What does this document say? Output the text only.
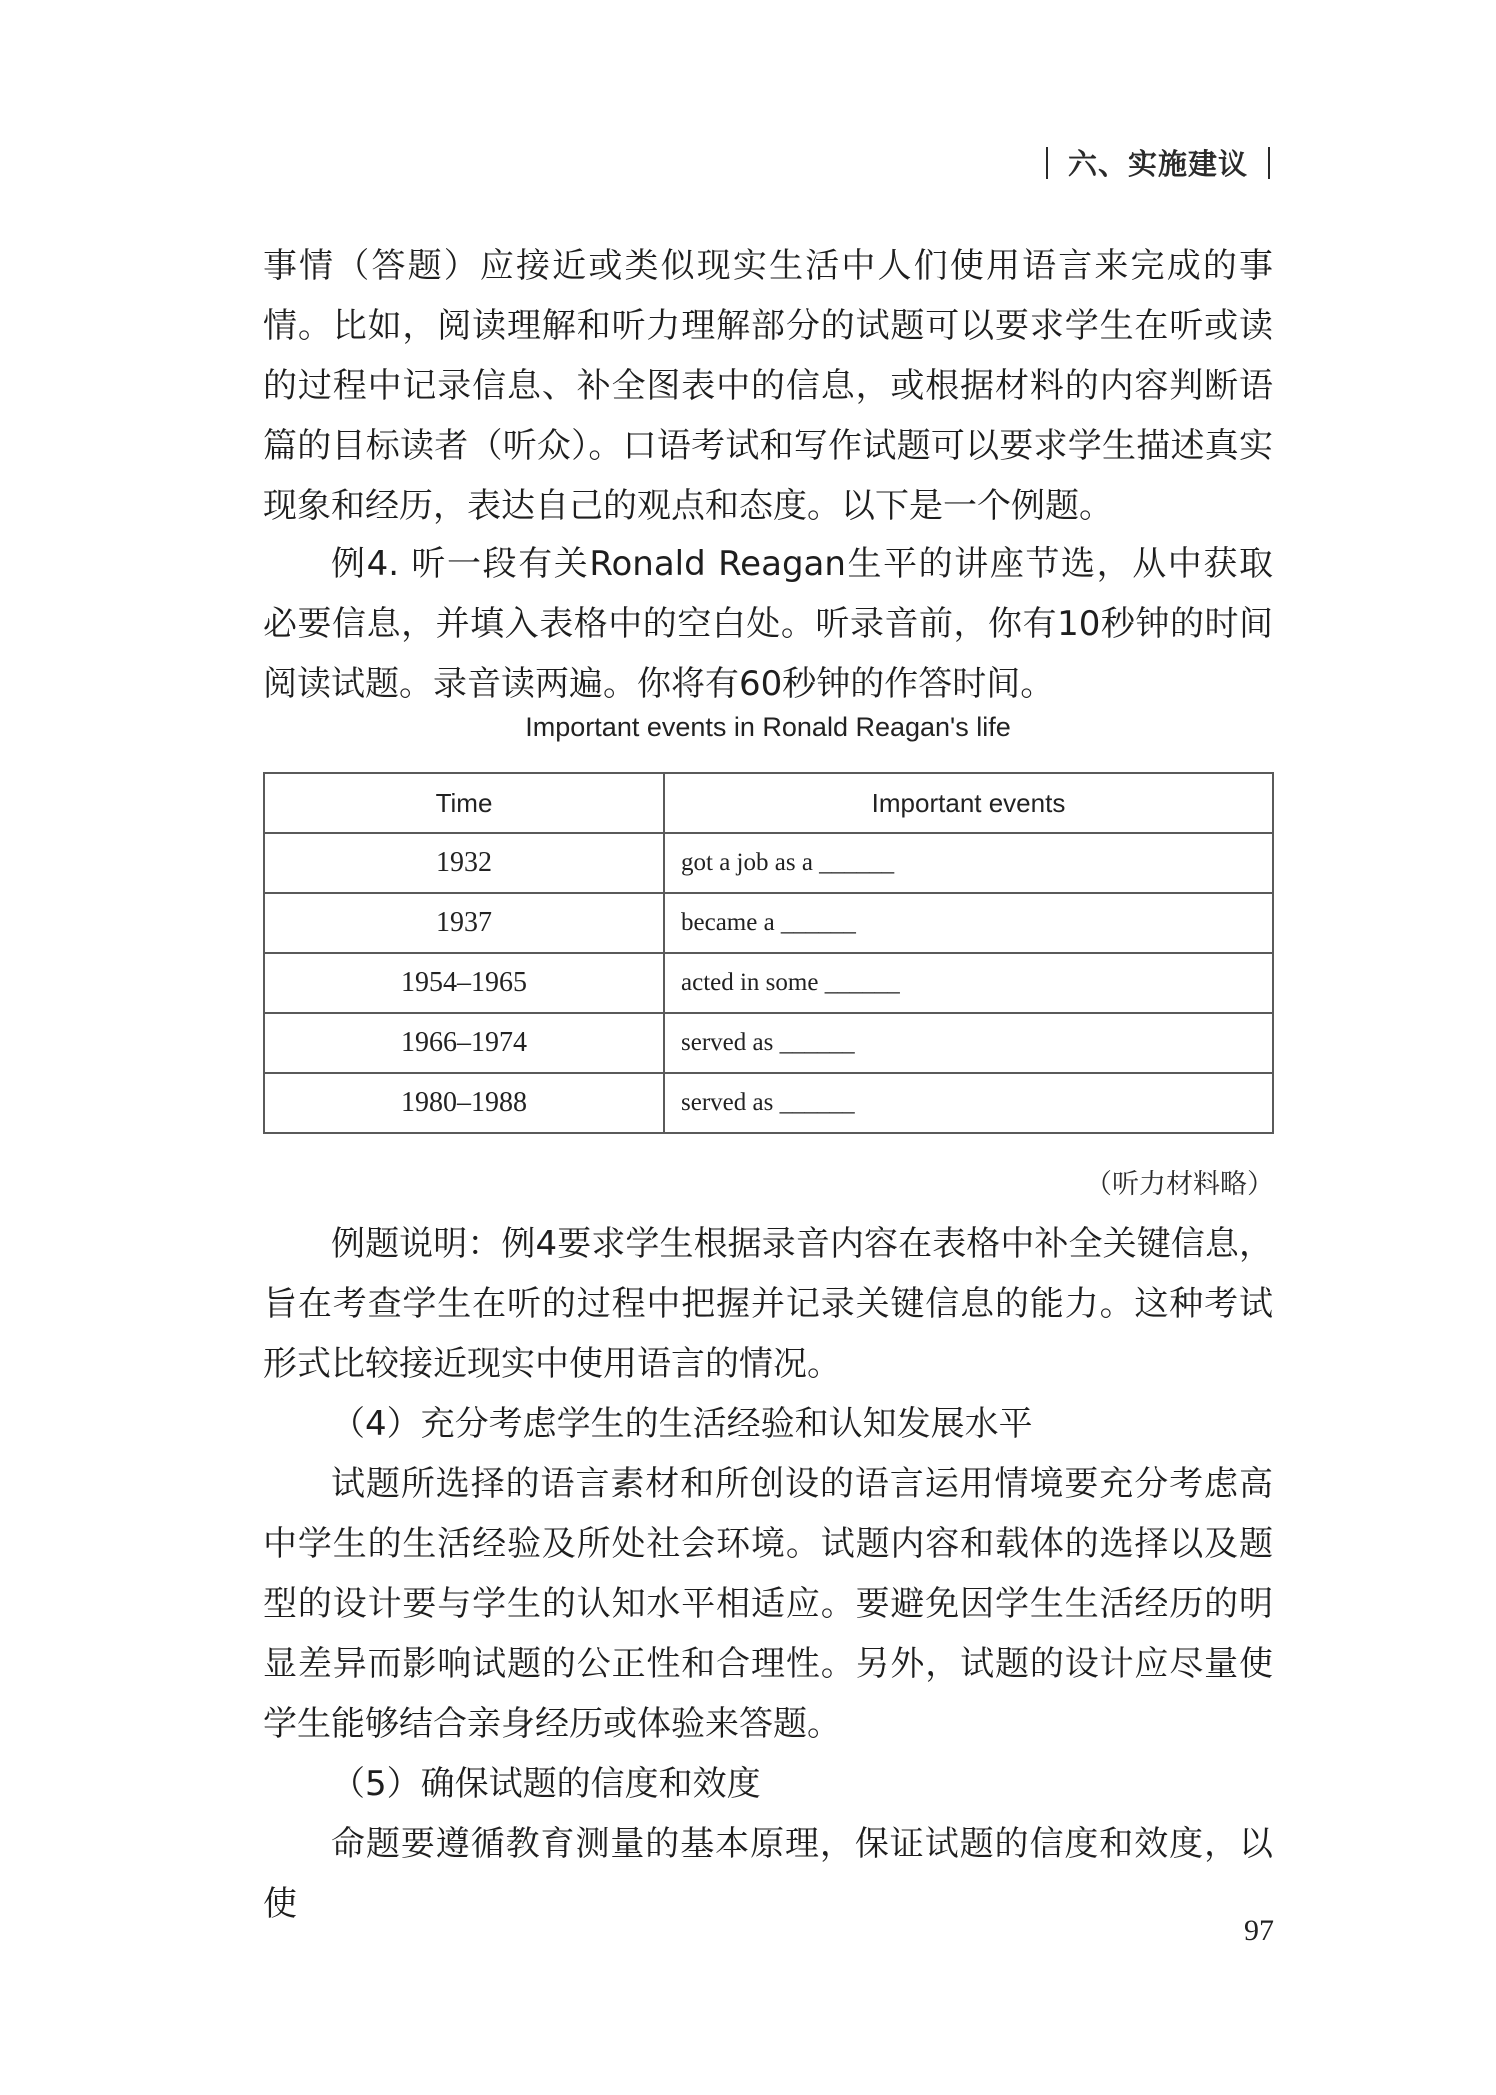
六、实施建议

事情（答题）应接近或类似现实生活中人们使用语言来完成的事情。比如，阅读理解和听力理解部分的试题可以要求学生在听或读的过程中记录信息、补全图表中的信息，或根据材料的内容判断语篇的目标读者（听众）。口语考试和写作试题可以要求学生描述真实现象和经历，表达自己的观点和态度。以下是一个例题。

例4. 听一段有关Ronald Reagan生平的讲座节选，从中获取必要信息，并填入表格中的空白处。听录音前，你有10秒钟的时间阅读试题。录音读两遍。你将有60秒钟的作答时间。

Important events in Ronald Reagan's life
Time	Important events
1932	got a job as a ______
1937	became a ______
1954–1965	acted in some ______
1966–1974	served as ______
1980–1988	served as ______
（听力材料略）

例题说明：例4要求学生根据录音内容在表格中补全关键信息，旨在考查学生在听的过程中把握并记录关键信息的能力。这种考试形式比较接近现实中使用语言的情况。

（4）充分考虑学生的生活经验和认知发展水平

试题所选择的语言素材和所创设的语言运用情境要充分考虑高中学生的生活经验及所处社会环境。试题内容和载体的选择以及题型的设计要与学生的认知水平相适应。要避免因学生生活经历的明显差异而影响试题的公正性和合理性。另外，试题的设计应尽量使学生能够结合亲身经历或体验来答题。

（5）确保试题的信度和效度

命题要遵循教育测量的基本原理，保证试题的信度和效度，以使

97
